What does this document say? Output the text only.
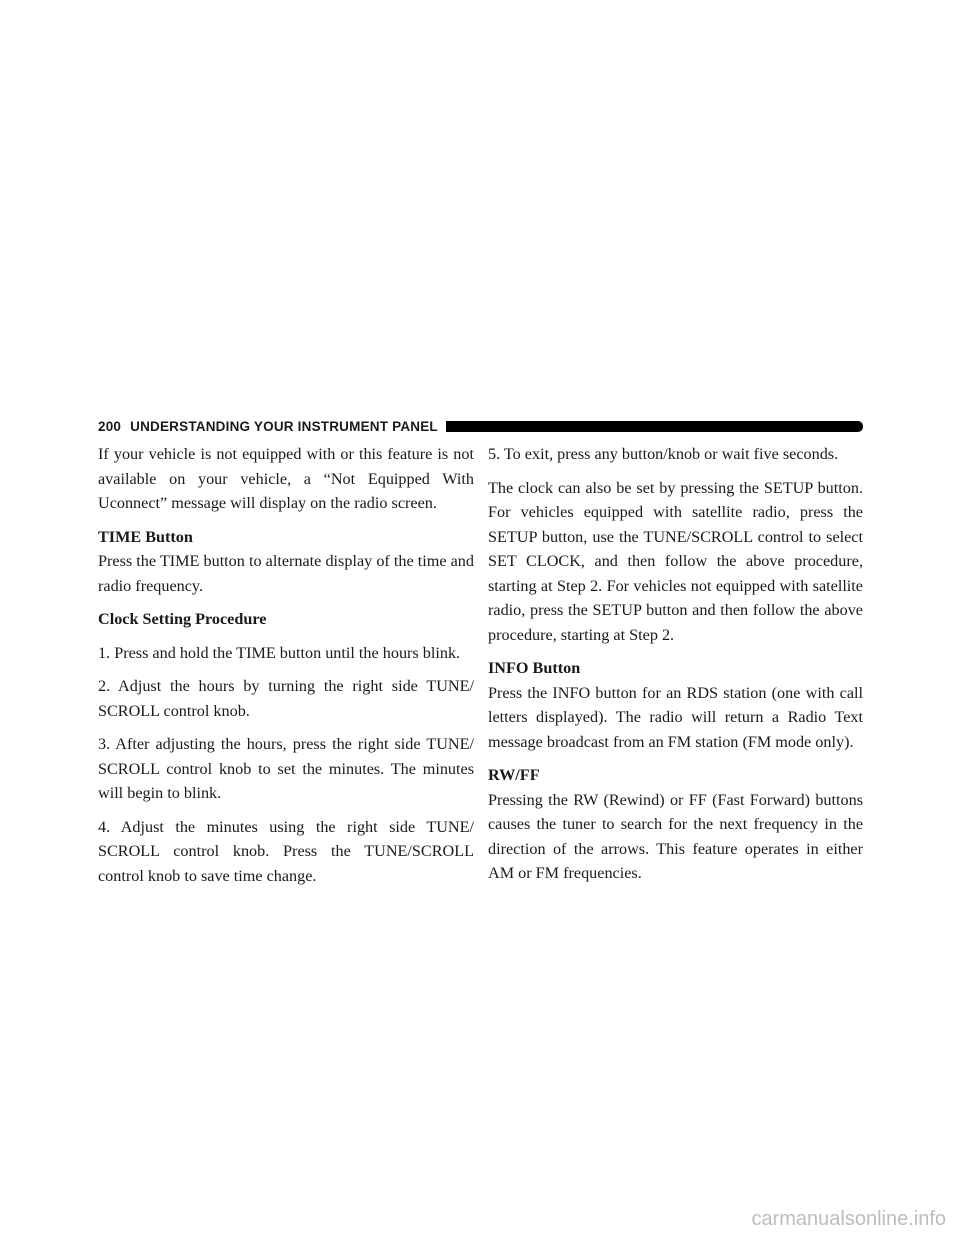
200 UNDERSTANDING YOUR INSTRUMENT PANEL

If your vehicle is not equipped with or this feature is not available on your vehicle, a “Not Equipped With Uconnect” message will display on the radio screen.

TIME Button
Press the TIME button to alternate display of the time and radio frequency.

Clock Setting Procedure

1. Press and hold the TIME button until the hours blink.

2. Adjust the hours by turning the right side TUNE/ SCROLL control knob.

3. After adjusting the hours, press the right side TUNE/ SCROLL control knob to set the minutes. The minutes will begin to blink.

4. Adjust the minutes using the right side TUNE/ SCROLL control knob. Press the TUNE/SCROLL control knob to save time change.

5. To exit, press any button/knob or wait five seconds.

The clock can also be set by pressing the SETUP button. For vehicles equipped with satellite radio, press the SETUP button, use the TUNE/SCROLL control to select SET CLOCK, and then follow the above procedure, starting at Step 2. For vehicles not equipped with satellite radio, press the SETUP button and then follow the above procedure, starting at Step 2.

INFO Button
Press the INFO button for an RDS station (one with call letters displayed). The radio will return a Radio Text message broadcast from an FM station (FM mode only).

RW/FF
Pressing the RW (Rewind) or FF (Fast Forward) buttons causes the tuner to search for the next frequency in the direction of the arrows. This feature operates in either AM or FM frequencies.

carmanualsonline.info
